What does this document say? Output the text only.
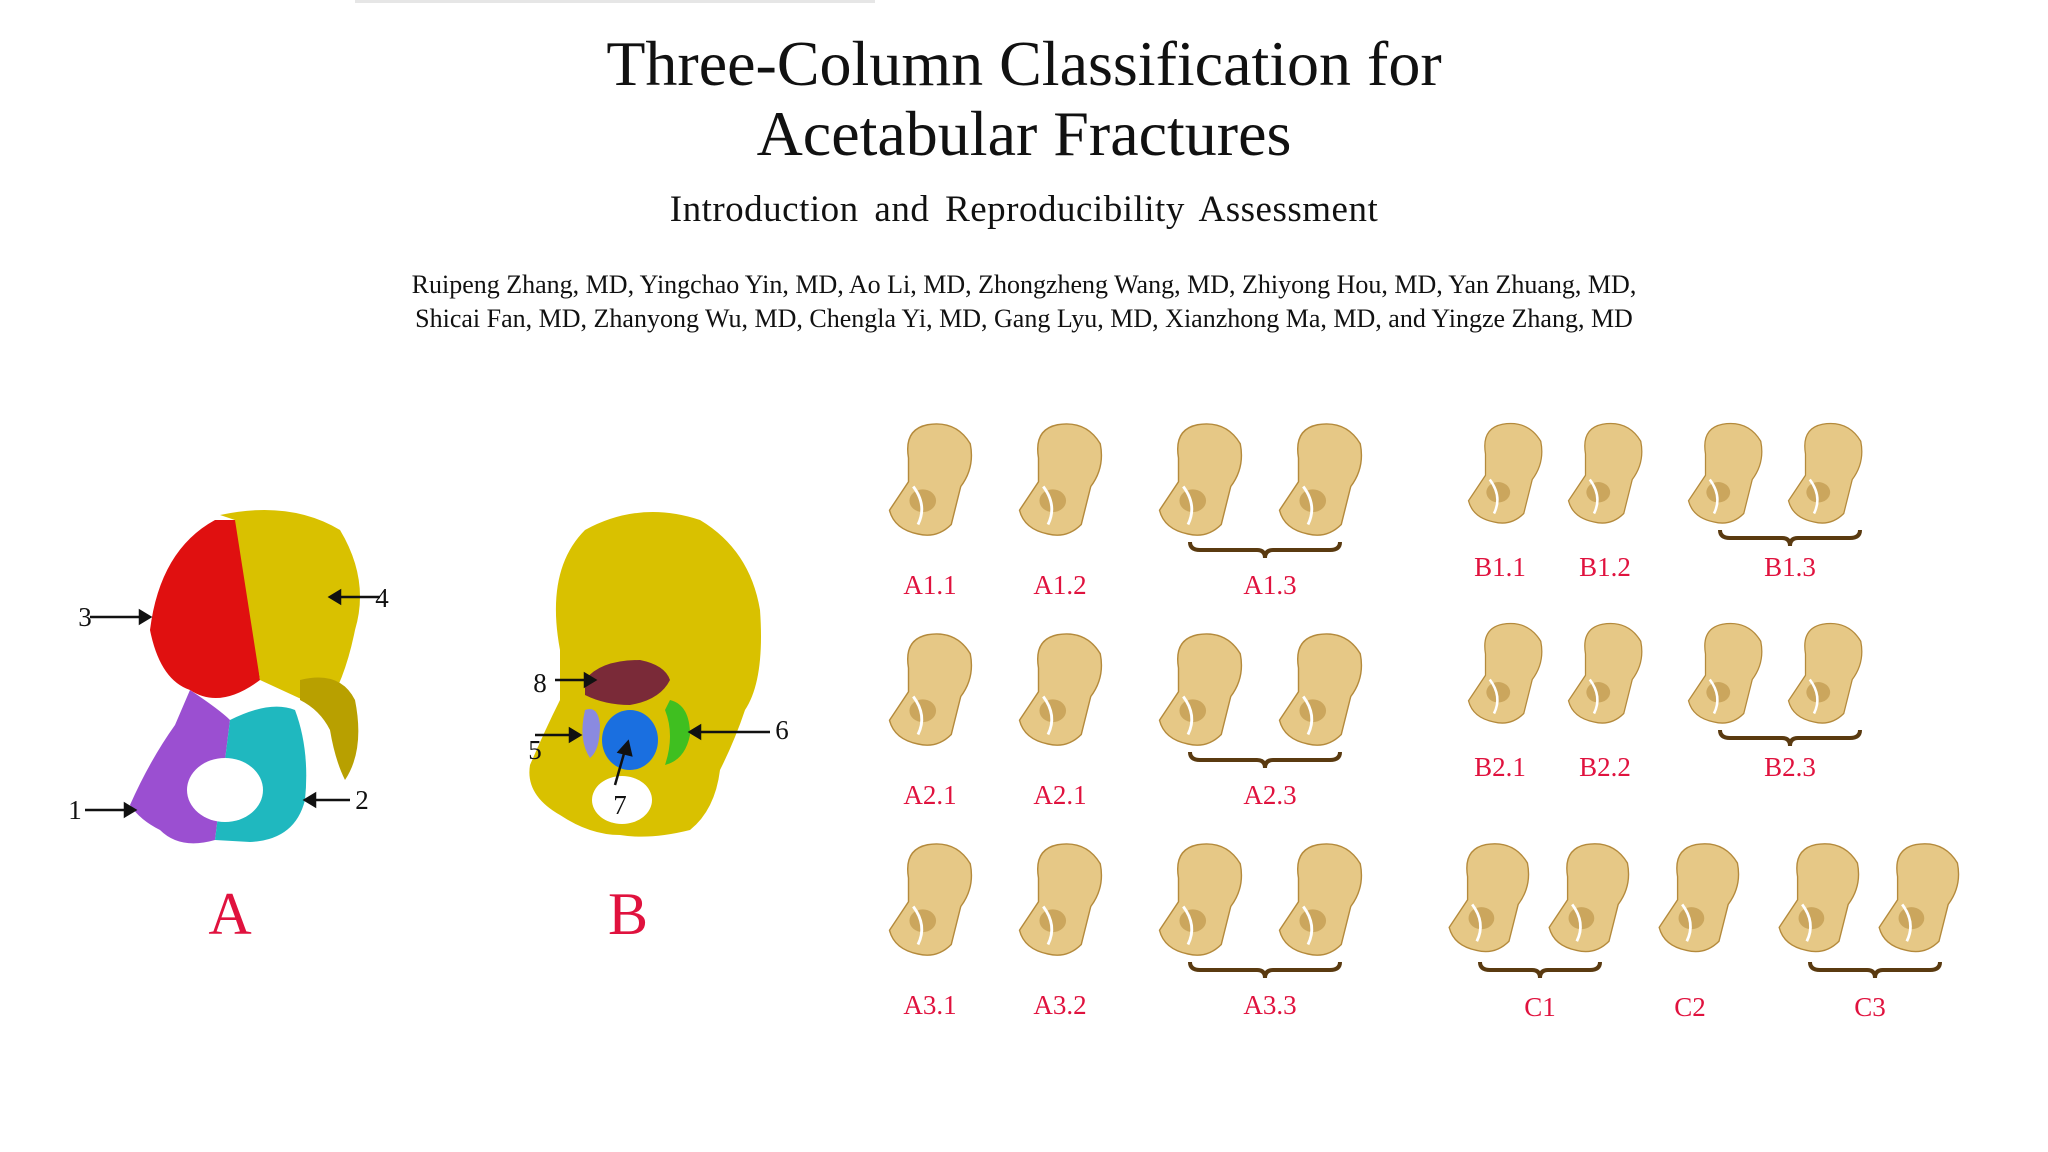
Three-Column Classification for
Acetabular Fractures
Introduction and Reproducibility Assessment
Ruipeng Zhang, MD, Yingchao Yin, MD, Ao Li, MD, Zhongzheng Wang, MD, Zhiyong Hou, MD, Yan Zhuang, MD,
Shicai Fan, MD, Zhanyong Wu, MD, Chengla Yi, MD, Gang Lyu, MD, Xianzhong Ma, MD, and Yingze Zhang, MD
3
4
1	2
5
6
7
8
A	B
A1.1	A1.2	A1.3
A2.1	A2.1	A2.3
A3.1	A3.2	A3.3
B1.1	B1.2	B1.3
B2.1	B2.2	B2.3
C1	C2	C3
